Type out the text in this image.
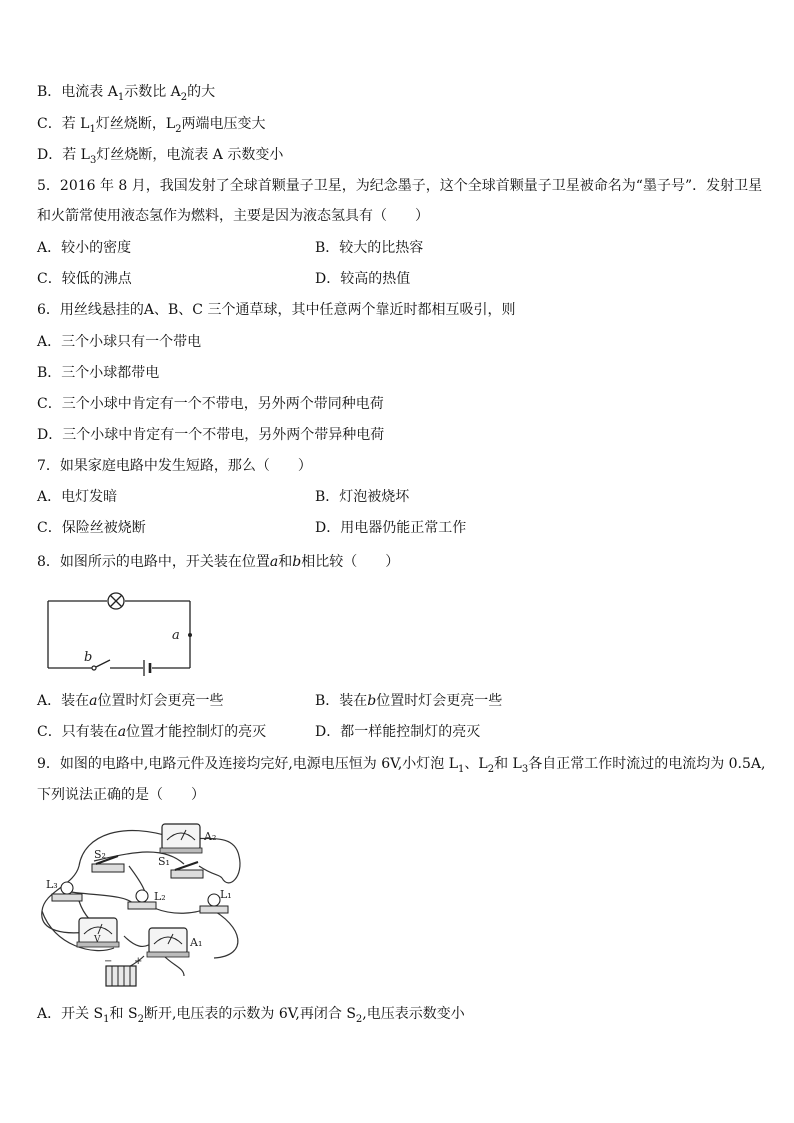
B．电流表 $A_1$示数比 $A_2$的大
C．若 $L_1$灯丝烧断，$L_2$两端电压变大
D．若 $L_3$灯丝烧断，电流表 A 示数变小
5．2016 年 8 月，我国发射了全球首颗量子卫星，为纪念墨子，这个全球首颗量子卫星被命名为“墨子号”．发射卫星
和火箭常使用液态氢作为燃料，主要是因为液态氢具有（　　）
A．较小的密度	B．较大的比热容
C．较低的沸点	D．较高的热值
6．用丝线悬挂的A、B、C 三个通草球，其中任意两个靠近时都相互吸引，则
A．三个小球只有一个带电
B．三个小球都带电
C．三个小球中肯定有一个不带电，另外两个带同种电荷
D．三个小球中肯定有一个不带电，另外两个带异种电荷
7．如果家庭电路中发生短路，那么（　　）
A．电灯发暗	B．灯泡被烧坏
C．保险丝被烧断	D．用电器仍能正常工作
8．如图所示的电路中，开关装在位置a和b相比较（　　）
a
b
A．装在a位置时灯会更亮一些	B．装在b位置时灯会更亮一些
C．只有装在a位置才能控制灯的亮灭	D．都一样能控制灯的亮灭
9．如图的电路中,电路元件及连接均完好,电源电压恒为 6V,小灯泡 $L_1$、$L_2$和 $L_3$各自正常工作时流过的电流均为 0.5A,
下列说法正确的是（　　）
A₂
S₂
S₁
L₃
L₂	L₁
V	A₁
− +
A．开关 $S_1$和 $S_2$断开,电压表的示数为 6V,再闭合 $S_2$,电压表示数变小
